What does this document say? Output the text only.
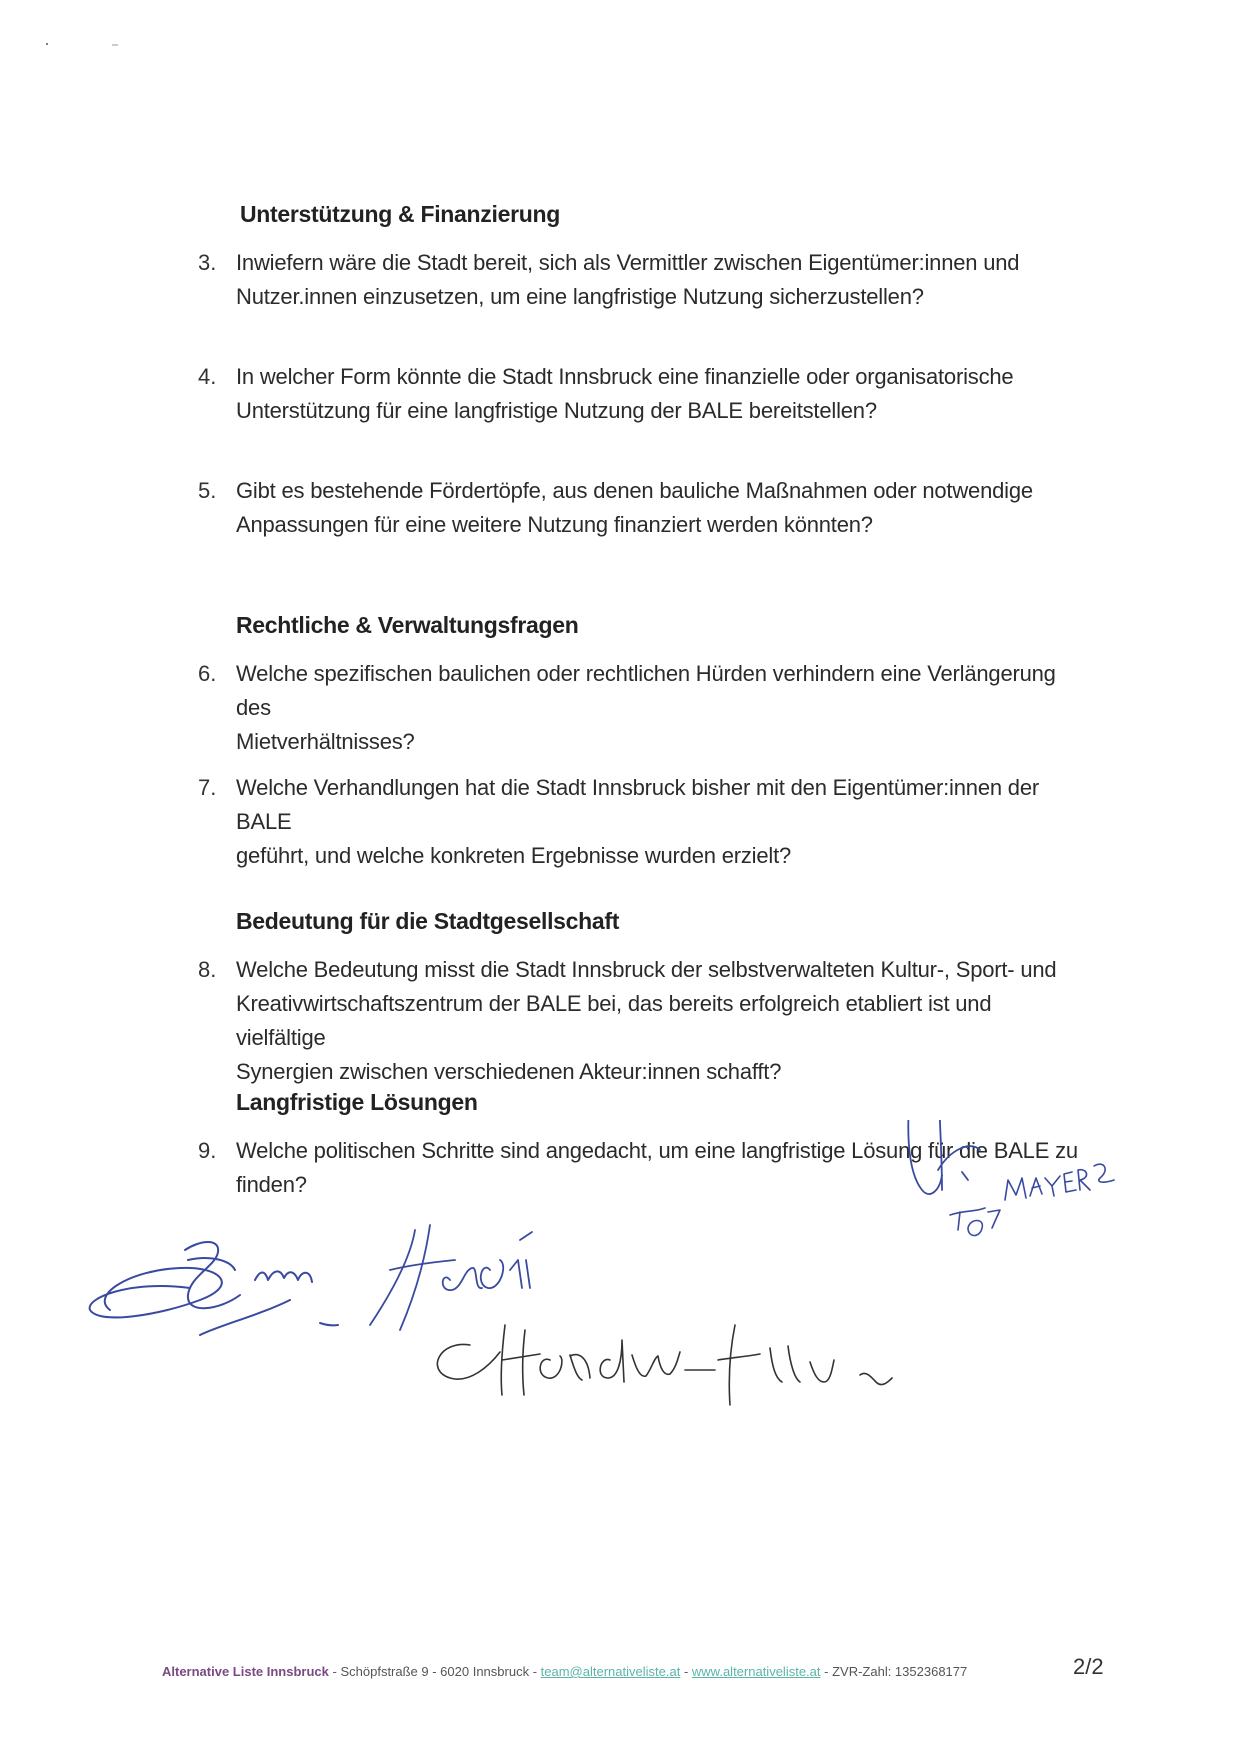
Unterstützung & Finanzierung
3. Inwiefern wäre die Stadt bereit, sich als Vermittler zwischen Eigentümer:innen und
Nutzer.innen einzusetzen, um eine langfristige Nutzung sicherzustellen?
4. In welcher Form könnte die Stadt Innsbruck eine finanzielle oder organisatorische
Unterstützung für eine langfristige Nutzung der BALE bereitstellen?
5. Gibt es bestehende Fördertöpfe, aus denen bauliche Maßnahmen oder notwendige
Anpassungen für eine weitere Nutzung finanziert werden könnten?
Rechtliche & Verwaltungsfragen
6. Welche spezifischen baulichen oder rechtlichen Hürden verhindern eine Verlängerung des
Mietverhältnisses?
7. Welche Verhandlungen hat die Stadt Innsbruck bisher mit den Eigentümer:innen der BALE
geführt, und welche konkreten Ergebnisse wurden erzielt?
Bedeutung für die Stadtgesellschaft
8. Welche Bedeutung misst die Stadt Innsbruck der selbstverwalteten Kultur-, Sport- und
Kreativwirtschaftszentrum der BALE bei, das bereits erfolgreich etabliert ist und vielfältige
Synergien zwischen verschiedenen Akteur:innen schafft?
Langfristige Lösungen
9. Welche politischen Schritte sind angedacht, um eine langfristige Lösung für die BALE zu
finden?
Alternative Liste Innsbruck - Schöpfstraße 9 - 6020 Innsbruck - team@alternativeliste.at - www.alternativeliste.at - ZVR-Zahl: 1352368177	2/2
